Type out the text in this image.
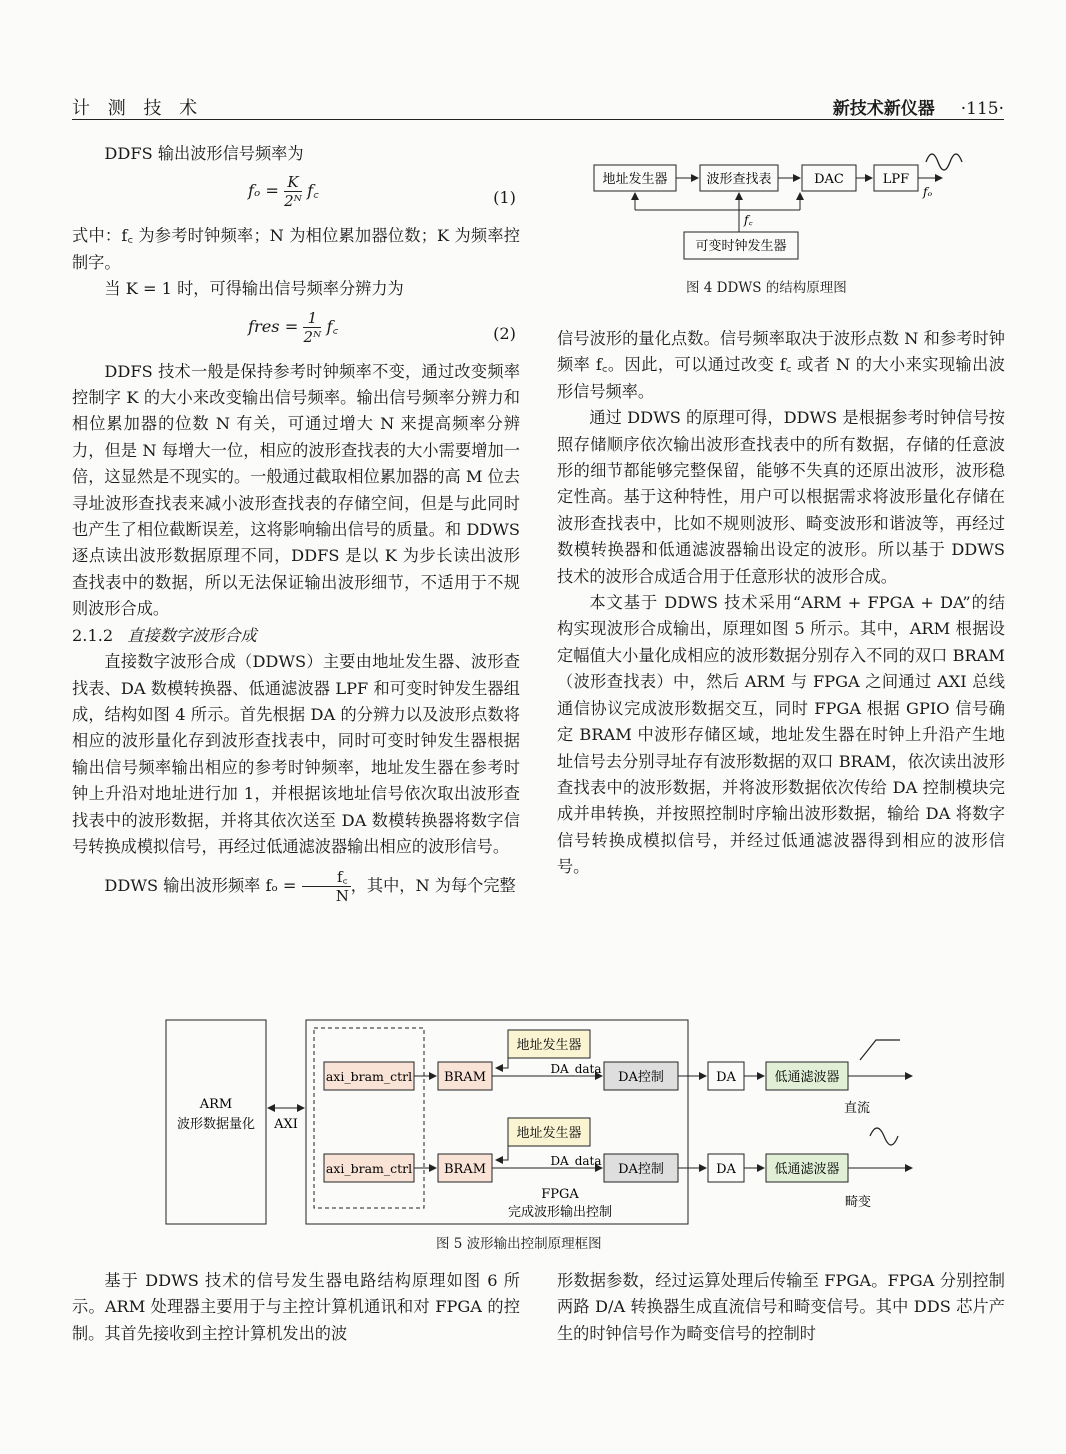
计 测 技 术	新技术新仪器 ·115·

DDFS 输出波形信号频率为

$f_o = \frac{K}{\text{2ᴺ}}$ f꜀	(1)

式中：f꜀ 为参考时钟频率；N 为相位累加器位数；K 为频率控制字。

当 K = 1 时，可得输出信号频率分辨力为

fres = $\frac{1}{\text{2ᴺ}}$ f꜀	(2)

DDFS 技术一般是保持参考时钟频率不变，通过改变频率控制字 K 的大小来改变输出信号频率。输出信号频率分辨力和相位累加器的位数 N 有关，可通过增大 N 来提高频率分辨力，但是 N 每增大一位，相应的波形查找表的大小需要增加一倍，这显然是不现实的。一般通过截取相位累加器的高 M 位去寻址波形查找表来减小波形查找表的存储空间，但是与此同时也产生了相位截断误差，这将影响输出信号的质量。和 DDWS 逐点读出波形数据原理不同，DDFS 是以 K 为步长读出波形查找表中的数据，所以无法保证输出波形细节，不适用于不规则波形合成。

2.1.2 直接数字波形合成

直接数字波形合成（DDWS）主要由地址发生器、波形查找表、DA 数模转换器、低通滤波器 LPF 和可变时钟发生器组成，结构如图 4 所示。首先根据 DA 的分辨力以及波形点数将相应的波形量化存到波形查找表中，同时可变时钟发生器根据输出信号频率输出相应的参考时钟频率，地址发生器在参考时钟上升沿对地址进行加 1，并根据该地址信号依次取出波形查找表中的波形数据，并将其依次送至 DA 数模转换器将数字信号转换成模拟信号，再经过低通滤波器输出相应的波形信号。

DDWS 输出波形频率 $f_o = \frac{f꜀}{N}$ ，其中，N 为每个完整

地址发生器	波形查找表	DAC	LPF
fₒ
f꜀
可变时钟发生器
图 4 DDWS 的结构原理图

信号波形的量化点数。信号频率取决于波形点数 N 和参考时钟频率 f꜀。因此，可以通过改变 f꜀ 或者 N 的大小来实现输出波形信号频率。

通过 DDWS 的原理可得，DDWS 是根据参考时钟信号按照存储顺序依次输出波形查找表中的所有数据，存储的任意波形的细节都能够完整保留，能够不失真的还原出波形，波形稳定性高。基于这种特性，用户可以根据需求将波形量化存储在波形查找表中，比如不规则波形、畸变波形和谐波等，再经过数模转换器和低通滤波器输出设定的波形。所以基于 DDWS 技术的波形合成适合用于任意形状的波形合成。

本文基于 DDWS 技术采用“ARM + FPGA + DA”的结构实现波形合成输出，原理如图 5 所示。其中，ARM 根据设定幅值大小量化成相应的波形数据分别存入不同的双口 BRAM（波形查找表）中，然后 ARM 与 FPGA 之间通过 AXI 总线通信协议完成波形数据交互，同时 FPGA 根据 GPIO 信号确定 BRAM 中波形存储区域，地址发生器在时钟上升沿产生地址信号去分别寻址存有波形数据的双口 BRAM，依次读出波形查找表中的波形数据，并将波形数据依次传给 DA 控制模块完成并串转换，并按照控制时序输出波形数据，输给 DA 将数字信号转换成模拟信号，并经过低通滤波器得到相应的波形信号。

ARM
波形数据量化 AXI
axi_bram_ctrl BRAM
地址发生器
DA_data
DA控制	DA	低通滤波器
直流
axi_bram_ctrl BRAM
地址发生器
DA_data
DA控制	DA	低通滤波器
畸变
FPGA
完成波形输出控制
图 5 波形输出控制原理框图

基于 DDWS 技术的信号发生器电路结构原理如图 6 所示。ARM 处理器主要用于与主控计算机通讯和对 FPGA 的控制。其首先接收到主控计算机发出的波

形数据参数，经过运算处理后传输至 FPGA。FPGA 分别控制两路 D/A 转换器生成直流信号和畸变信号。其中 DDS 芯片产生的时钟信号作为畸变信号的控制时
